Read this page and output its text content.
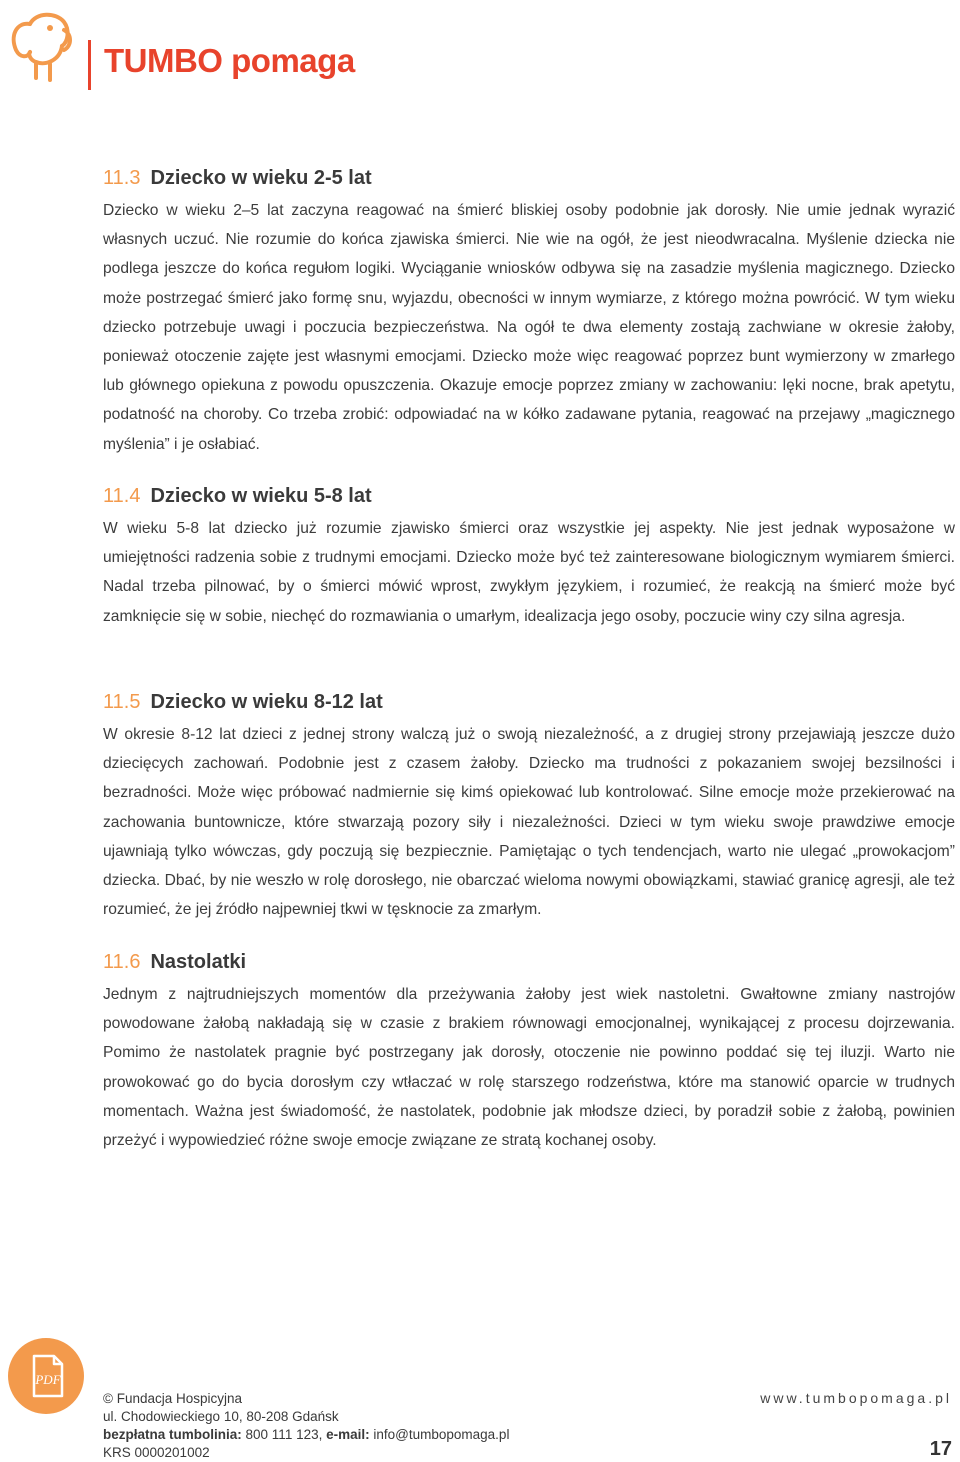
TUMBO pomaga
11.3 Dziecko w wieku 2-5 lat

Dziecko w wieku 2–5 lat zaczyna reagować na śmierć bliskiej osoby podobnie jak dorosły. Nie umie jednak wyrazić własnych uczuć. Nie rozumie do końca zjawiska śmierci. Nie wie na ogół, że jest nieodwracalna. Myślenie dziecka nie podlega jeszcze do końca regułom logiki. Wyciąganie wniosków odbywa się na zasadzie myślenia magicznego. Dziecko może postrzegać śmierć jako formę snu, wyjazdu, obecności w innym wymiarze, z którego można powrócić. W tym wieku dziecko potrzebuje uwagi i poczucia bezpieczeństwa. Na ogół te dwa elementy zostają zachwiane w okresie żałoby, ponieważ otoczenie zajęte jest własnymi emocjami. Dziecko może więc reagować poprzez bunt wymierzony w zmarłego lub głównego opiekuna z powodu opuszczenia. Okazuje emocje poprzez zmiany w zachowaniu: lęki nocne, brak apetytu, podatność na choroby. Co trzeba zrobić: odpowiadać na w kółko zadawane pytania, reagować na przejawy „magicznego myślenia” i je osłabiać.

11.4 Dziecko w wieku 5-8 lat

W wieku 5-8 lat dziecko już rozumie zjawisko śmierci oraz wszystkie jej aspekty. Nie jest jednak wyposażone w umiejętności radzenia sobie z trudnymi emocjami. Dziecko może być też zainteresowane biologicznym wymiarem śmierci. Nadal trzeba pilnować, by o śmierci mówić wprost, zwykłym językiem, i rozumieć, że reakcją na śmierć może być zamknięcie się w sobie, niechęć do rozmawiania o umarłym, idealizacja jego osoby, poczucie winy czy silna agresja.

11.5 Dziecko w wieku 8-12 lat

W okresie 8-12 lat dzieci z jednej strony walczą już o swoją niezależność, a z drugiej strony przejawiają jeszcze dużo dziecięcych zachowań. Podobnie jest z czasem żałoby. Dziecko ma trudności z pokazaniem swojej bezsilności i bezradności. Może więc próbować nadmiernie się kimś opiekować lub kontrolować. Silne emocje może przekierować na zachowania buntownicze, które stwarzają pozory siły i niezależności. Dzieci w tym wieku swoje prawdziwe emocje ujawniają tylko wówczas, gdy poczują się bezpiecznie. Pamiętając o tych tendencjach, warto nie ulegać „prowokacjom” dziecka. Dbać, by nie weszło w rolę dorosłego, nie obarczać wieloma nowymi obowiązkami, stawiać granicę agresji, ale też rozumieć, że jej źródło najpewniej tkwi w tęsknocie za zmarłym.

11.6 Nastolatki

Jednym z najtrudniejszych momentów dla przeżywania żałoby jest wiek nastoletni. Gwałtowne zmiany nastrojów powodowane żałobą nakładają się w czasie z brakiem równowagi emocjonalnej, wynikającej z procesu dojrzewania. Pomimo że nastolatek pragnie być postrzegany jak dorosły, otoczenie nie powinno poddać się tej iluzji. Warto nie prowokować go do bycia dorosłym czy wtłaczać w rolę starszego rodzeństwa, które ma stanowić oparcie w trudnych momentach. Ważna jest świadomość, że nastolatek, podobnie jak młodsze dzieci, by poradził sobie z żałobą, powinien przeżyć i wypowiedzieć różne swoje emocje związane ze stratą kochanej osoby.

PDF
© Fundacja Hospicyjna
ul. Chodowieckiego 10, 80-208 Gdańsk
bezpłatna tumbolinia: 800 111 123, e-mail: info@tumbopomaga.pl
KRS 0000201002
www.tumbopomaga.pl
17
